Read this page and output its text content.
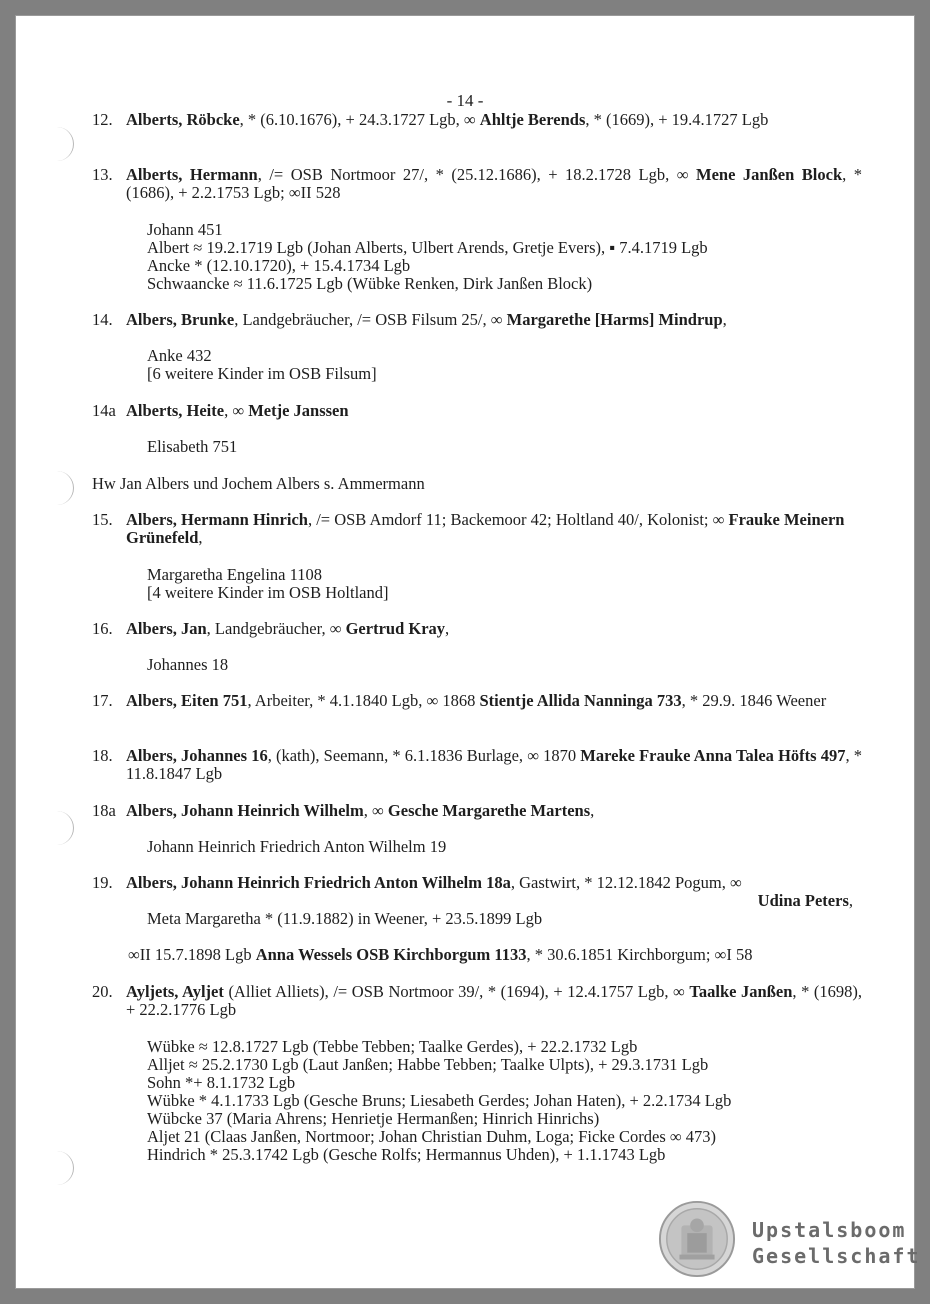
- 14 -
12. Alberts, Röbcke, * (6.10.1676), + 24.3.1727 Lgb, ∞ Ahltje Berends, * (1669), + 19.4.1727 Lgb
13. Alberts, Hermann, /= OSB Nortmoor 27/, * (25.12.1686), + 18.2.1728 Lgb, ∞ Mene Janßen Block, * (1686), + 2.2.1753 Lgb; ∞II 528
Johann 451
Albert ≈ 19.2.1719 Lgb (Johan Alberts, Ulbert Arends, Gretje Evers), ▪ 7.4.1719 Lgb
Ancke * (12.10.1720), + 15.4.1734 Lgb
Schwaancke ≈ 11.6.1725 Lgb (Wübke Renken, Dirk Janßen Block)
14. Albers, Brunke, Landgebräucher, /= OSB Filsum 25/, ∞ Margarethe [Harms] Mindrup,
Anke 432
[6 weitere Kinder im OSB Filsum]
14a Alberts, Heite, ∞ Metje Janssen
Elisabeth 751
Hw Jan Albers und Jochem Albers s. Ammermann
15. Albers, Hermann Hinrich, /= OSB Amdorf 11; Backemoor 42; Holtland 40/, Kolonist; ∞ Frauke Meinern Grünefeld,
Margaretha Engelina 1108
[4 weitere Kinder im OSB Holtland]
16. Albers, Jan, Landgebräucher, ∞ Gertrud Kray,
Johannes 18
17. Albers, Eiten 751, Arbeiter, * 4.1.1840 Lgb, ∞ 1868 Stientje Allida Nanninga 733, * 29.9. 1846 Weener
18. Albers, Johannes 16, (kath), Seemann, * 6.1.1836 Burlage, ∞ 1870 Mareke Frauke Anna Talea Höfts 497, * 11.8.1847 Lgb
18a Albers, Johann Heinrich Wilhelm, ∞ Gesche Margarethe Martens,
Johann Heinrich Friedrich Anton Wilhelm 19
19. Albers, Johann Heinrich Friedrich Anton Wilhelm 18a, Gastwirt, * 12.12.1842 Pogum, ∞
Udina Peters,
Meta Margaretha * (11.9.1882) in Weener, + 23.5.1899 Lgb
∞II 15.7.1898 Lgb Anna Wessels OSB Kirchborgum 1133, * 30.6.1851 Kirchborgum; ∞I 58
20. Ayljets, Ayljet (Alliet Alliets), /= OSB Nortmoor 39/, * (1694), + 12.4.1757 Lgb, ∞ Taalke Janßen, * (1698), + 22.2.1776 Lgb
Wübke ≈ 12.8.1727 Lgb (Tebbe Tebben; Taalke Gerdes), + 22.2.1732 Lgb
Alljet ≈ 25.2.1730 Lgb (Laut Janßen; Habbe Tebben; Taalke Ulpts), + 29.3.1731 Lgb
Sohn *+ 8.1.1732 Lgb
Wübke * 4.1.1733 Lgb (Gesche Bruns; Liesabeth Gerdes; Johan Haten), + 2.2.1734 Lgb
Wübcke 37 (Maria Ahrens; Henrietje Hermanßen; Hinrich Hinrichs)
Aljet 21 (Claas Janßen, Nortmoor; Johan Christian Duhm, Loga; Ficke Cordes ∞ 473)
Hindrich * 25.3.1742 Lgb (Gesche Rolfs; Hermannus Uhden), + 1.1.1743 Lgb
Upstalsboom
Gesellschaft
